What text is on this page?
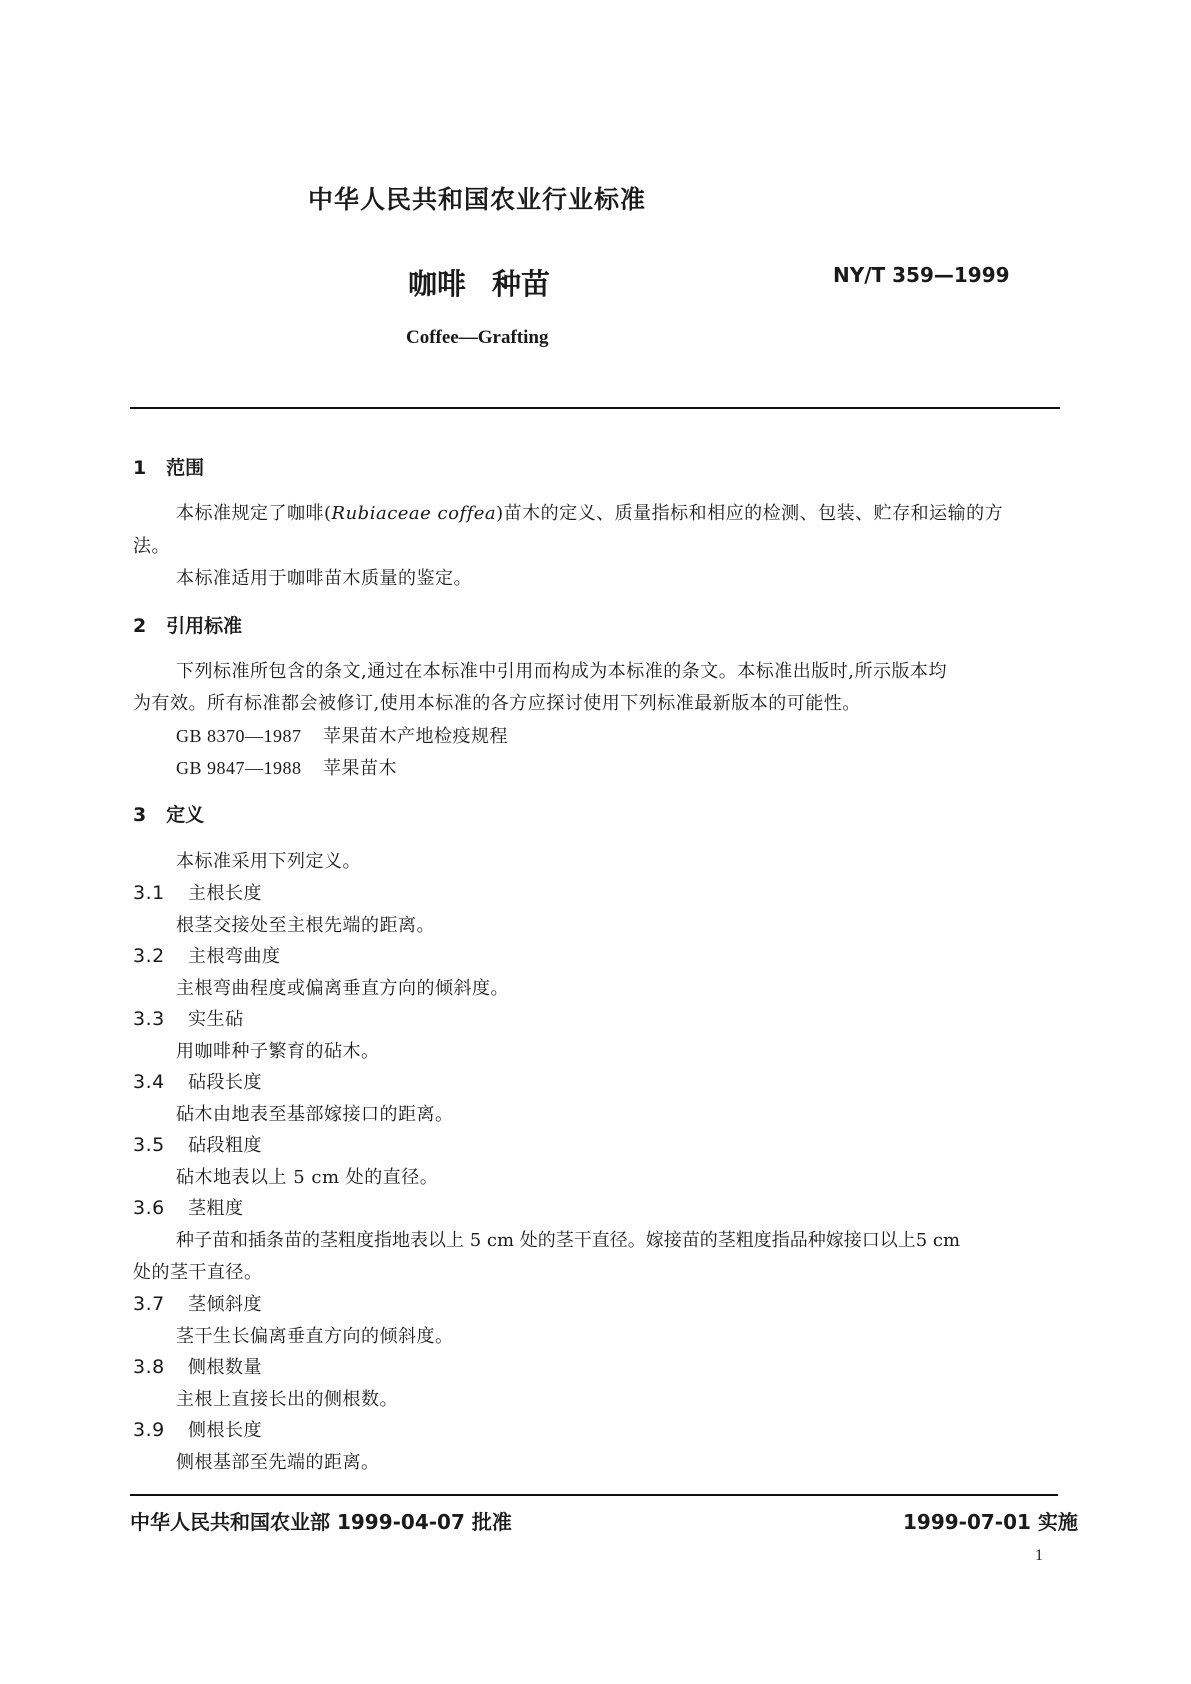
中华人民共和国农业行业标准
咖啡 种苗	NY/T 359—1999
Coffee—Grafting
1 范围
本标准规定了咖啡(Rubiaceae coffea)苗木的定义、质量指标和相应的检测、包装、贮存和运输的方
法。
本标准适用于咖啡苗木质量的鉴定。
2 引用标准
下列标准所包含的条文,通过在本标准中引用而构成为本标准的条文。本标准出版时,所示版本均
为有效。所有标准都会被修订,使用本标准的各方应探讨使用下列标准最新版本的可能性。
GB 8370—1987 苹果苗木产地检疫规程
GB 9847—1988 苹果苗木
3 定义
本标准采用下列定义。
3.1 主根长度
根茎交接处至主根先端的距离。
3.2 主根弯曲度
主根弯曲程度或偏离垂直方向的倾斜度。
3.3 实生砧
用咖啡种子繁育的砧木。
3.4 砧段长度
砧木由地表至基部嫁接口的距离。
3.5 砧段粗度
砧木地表以上 5 cm 处的直径。
3.6 茎粗度
种子苗和插条苗的茎粗度指地表以上 5 cm 处的茎干直径。嫁接苗的茎粗度指品种嫁接口以上5 cm
处的茎干直径。
3.7 茎倾斜度
茎干生长偏离垂直方向的倾斜度。
3.8 侧根数量
主根上直接长出的侧根数。
3.9 侧根长度
侧根基部至先端的距离。
中华人民共和国农业部 1999-04-07 批准	1999-07-01 实施
1
